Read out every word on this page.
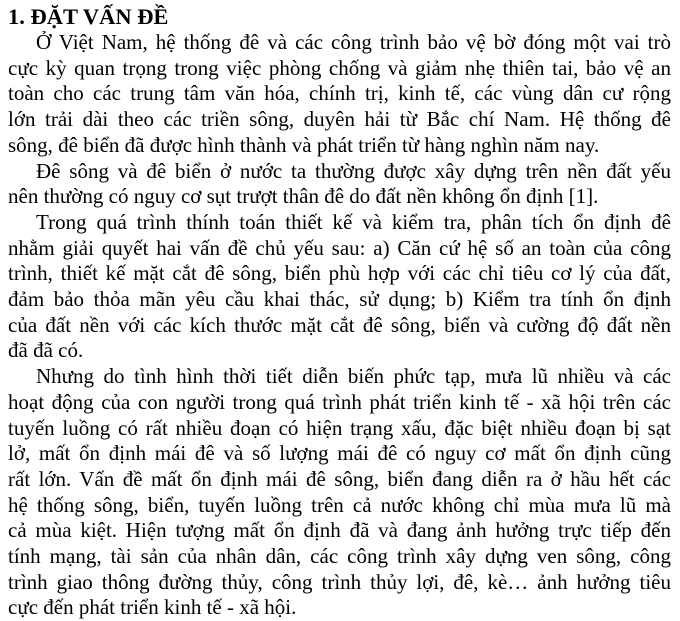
1. ĐẶT VẤN ĐỀ
Ở Việt Nam, hệ thống đê và các công trình bảo vệ bờ đóng một vai trò
cực kỳ quan trọng trong việc phòng chống và giảm nhẹ thiên tai, bảo vệ an
toàn cho các trung tâm văn hóa, chính trị, kinh tế, các vùng dân cư rộng
lớn trải dài theo các triền sông, duyên hải từ Bắc chí Nam. Hệ thống đê
sông, đê biển đã được hình thành và phát triển từ hàng nghìn năm nay.
Đê sông và đê biển ở nước ta thường được xây dựng trên nền đất yếu
nên thường có nguy cơ sụt trượt thân đê do đất nền không ổn định [1].
Trong quá trình thính toán thiết kế và kiểm tra, phân tích ổn định đê
nhằm giải quyết hai vấn đề chủ yếu sau: a) Căn cứ hệ số an toàn của công
trình, thiết kế mặt cắt đê sông, biển phù hợp với các chỉ tiêu cơ lý của đất,
đảm bảo thỏa mãn yêu cầu khai thác, sử dụng; b) Kiểm tra tính ổn định
của đất nền với các kích thước mặt cắt đê sông, biển và cường độ đất nền
đã đã có.
Nhưng do tình hình thời tiết diễn biến phức tạp, mưa lũ nhiều và các
hoạt động của con người trong quá trình phát triển kinh tế - xã hội trên các
tuyến luồng có rất nhiều đoạn có hiện trạng xấu, đặc biệt nhiều đoạn bị sạt
lở, mất ổn định mái đê và số lượng mái đê có nguy cơ mất ổn định cũng
rất lớn. Vấn đề mất ổn định mái đê sông, biển đang diễn ra ở hầu hết các
hệ thống sông, biển, tuyến luồng trên cả nước không chỉ mùa mưa lũ mà
cả mùa kiệt. Hiện tượng mất ổn định đã và đang ảnh hưởng trực tiếp đến
tính mạng, tài sản của nhân dân, các công trình xây dựng ven sông, công
trình giao thông đường thủy, công trình thủy lợi, đê, kè… ảnh hưởng tiêu
cực đến phát triển kinh tế - xã hội.
